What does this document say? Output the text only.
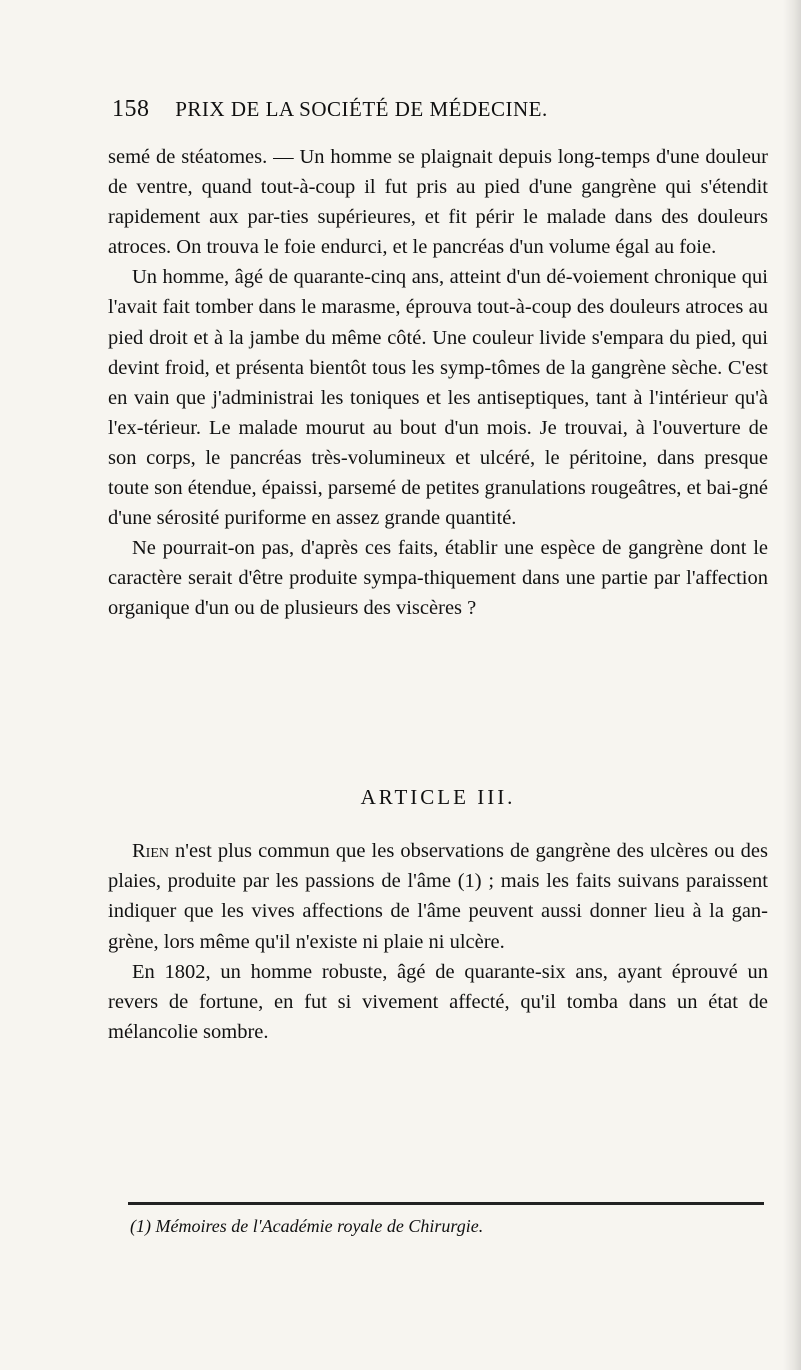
158 PRIX DE LA SOCIÉTÉ DE MÉDECINE.

semé de stéatomes. — Un homme se plaignait depuis long-temps d'une douleur de ventre, quand tout-à-coup il fut pris au pied d'une gangrène qui s'étendit rapidement aux par-ties supérieures, et fit périr le malade dans des douleurs atroces. On trouva le foie endurci, et le pancréas d'un volume égal au foie.

Un homme, âgé de quarante-cinq ans, atteint d'un dé-voiement chronique qui l'avait fait tomber dans le marasme, éprouva tout-à-coup des douleurs atroces au pied droit et à la jambe du même côté. Une couleur livide s'empara du pied, qui devint froid, et présenta bientôt tous les symp-tômes de la gangrène sèche. C'est en vain que j'administrai les toniques et les antiseptiques, tant à l'intérieur qu'à l'ex-térieur. Le malade mourut au bout d'un mois. Je trouvai, à l'ouverture de son corps, le pancréas très-volumineux et ulcéré, le péritoine, dans presque toute son étendue, épaissi, parsemé de petites granulations rougeâtres, et bai-gné d'une sérosité puriforme en assez grande quantité.

Ne pourrait-on pas, d'après ces faits, établir une espèce de gangrène dont le caractère serait d'être produite sympa-thiquement dans une partie par l'affection organique d'un ou de plusieurs des viscères ?

ARTICLE III.

Rien n'est plus commun que les observations de gangrène des ulcères ou des plaies, produite par les passions de l'âme (1) ; mais les faits suivans paraissent indiquer que les vives affections de l'âme peuvent aussi donner lieu à la gan-grène, lors même qu'il n'existe ni plaie ni ulcère.

En 1802, un homme robuste, âgé de quarante-six ans, ayant éprouvé un revers de fortune, en fut si vivement affecté, qu'il tomba dans un état de mélancolie sombre.

(1) Mémoires de l'Académie royale de Chirurgie.
